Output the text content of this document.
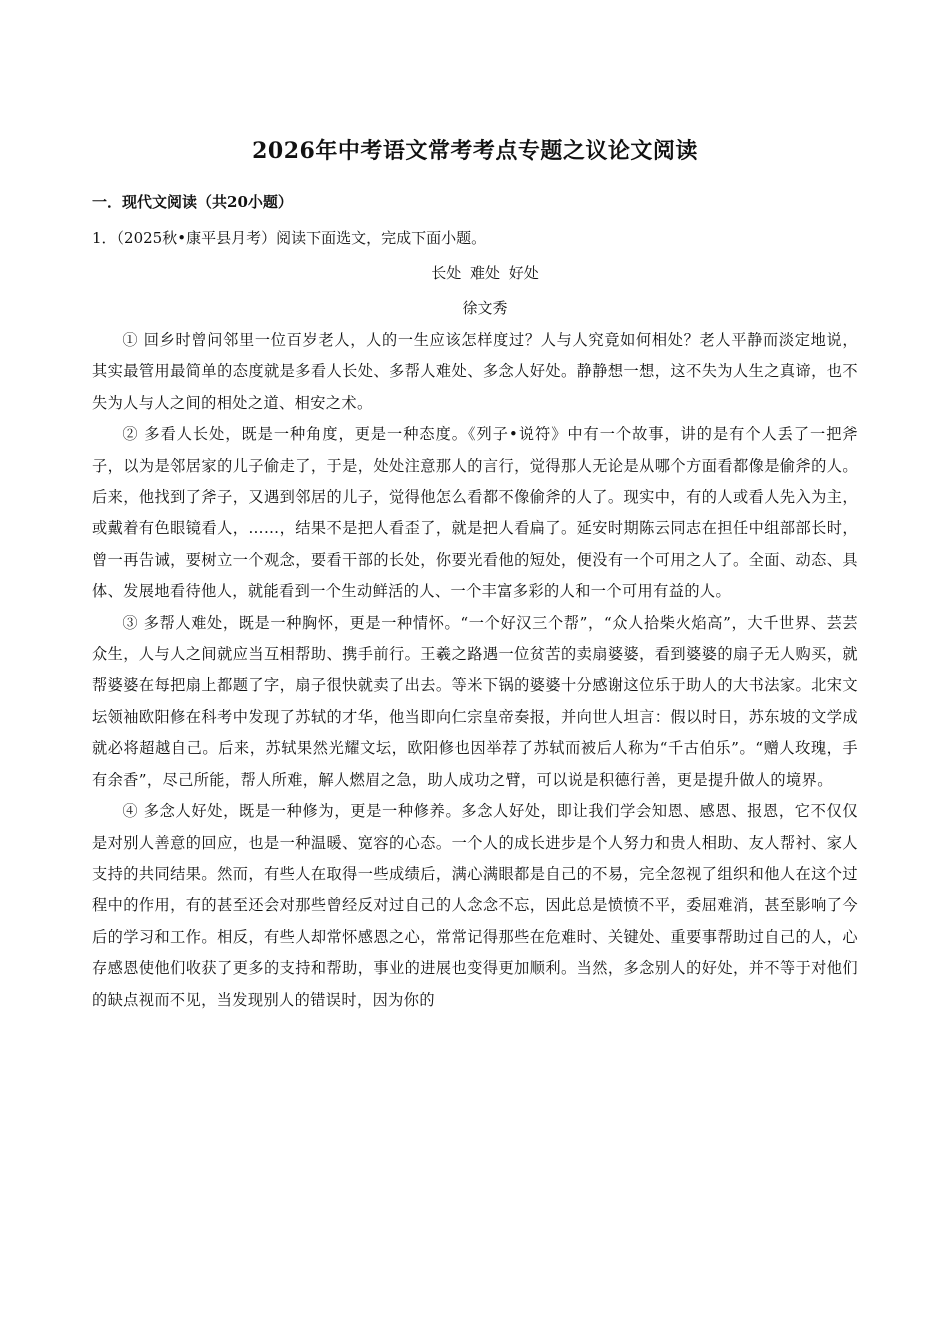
2026年中考语文常考考点专题之议论文阅读
一．现代文阅读（共20小题）
1．（2025秋•康平县月考）阅读下面选文，完成下面小题。
长处 难处 好处
徐文秀

① 回乡时曾问邻里一位百岁老人，人的一生应该怎样度过？人与人究竟如何相处？老人平静而淡定地说，其实最管用最简单的态度就是多看人长处、多帮人难处、多念人好处。静静想一想，这不失为人生之真谛，也不失为人与人之间的相处之道、相安之术。

② 多看人长处，既是一种角度，更是一种态度。《列子•说符》中有一个故事，讲的是有个人丢了一把斧子，以为是邻居家的儿子偷走了，于是，处处注意那人的言行，觉得那人无论是从哪个方面看都像是偷斧的人。后来，他找到了斧子，又遇到邻居的儿子，觉得他怎么看都不像偷斧的人了。现实中，有的人或看人先入为主，或戴着有色眼镜看人，……，结果不是把人看歪了，就是把人看扁了。延安时期陈云同志在担任中组部部长时，曾一再告诫，要树立一个观念，要看干部的长处，你要光看他的短处，便没有一个可用之人了。全面、动态、具体、发展地看待他人，就能看到一个生动鲜活的人、一个丰富多彩的人和一个可用有益的人。

③ 多帮人难处，既是一种胸怀，更是一种情怀。“一个好汉三个帮”，“众人拾柴火焰高”，大千世界、芸芸众生，人与人之间就应当互相帮助、携手前行。王羲之路遇一位贫苦的卖扇婆婆，看到婆婆的扇子无人购买，就帮婆婆在每把扇上都题了字，扇子很快就卖了出去。等米下锅的婆婆十分感谢这位乐于助人的大书法家。北宋文坛领袖欧阳修在科考中发现了苏轼的才华，他当即向仁宗皇帝奏报，并向世人坦言：假以时日，苏东坡的文学成就必将超越自己。后来，苏轼果然光耀文坛，欧阳修也因举荐了苏轼而被后人称为“千古伯乐”。“赠人玫瑰，手有余香”，尽己所能，帮人所难，解人燃眉之急，助人成功之臂，可以说是积德行善，更是提升做人的境界。

④ 多念人好处，既是一种修为，更是一种修养。多念人好处，即让我们学会知恩、感恩、报恩，它不仅仅是对别人善意的回应，也是一种温暖、宽容的心态。一个人的成长进步是个人努力和贵人相助、友人帮衬、家人支持的共同结果。然而，有些人在取得一些成绩后，满心满眼都是自己的不易，完全忽视了组织和他人在这个过程中的作用，有的甚至还会对那些曾经反对过自己的人念念不忘，因此总是愤愤不平，委屈难消，甚至影响了今后的学习和工作。相反，有些人却常怀感恩之心，常常记得那些在危难时、关键处、重要事帮助过自己的人，心存感恩使他们收获了更多的支持和帮助，事业的进展也变得更加顺利。当然，多念别人的好处，并不等于对他们的缺点视而不见，当发现别人的错误时，因为你的
